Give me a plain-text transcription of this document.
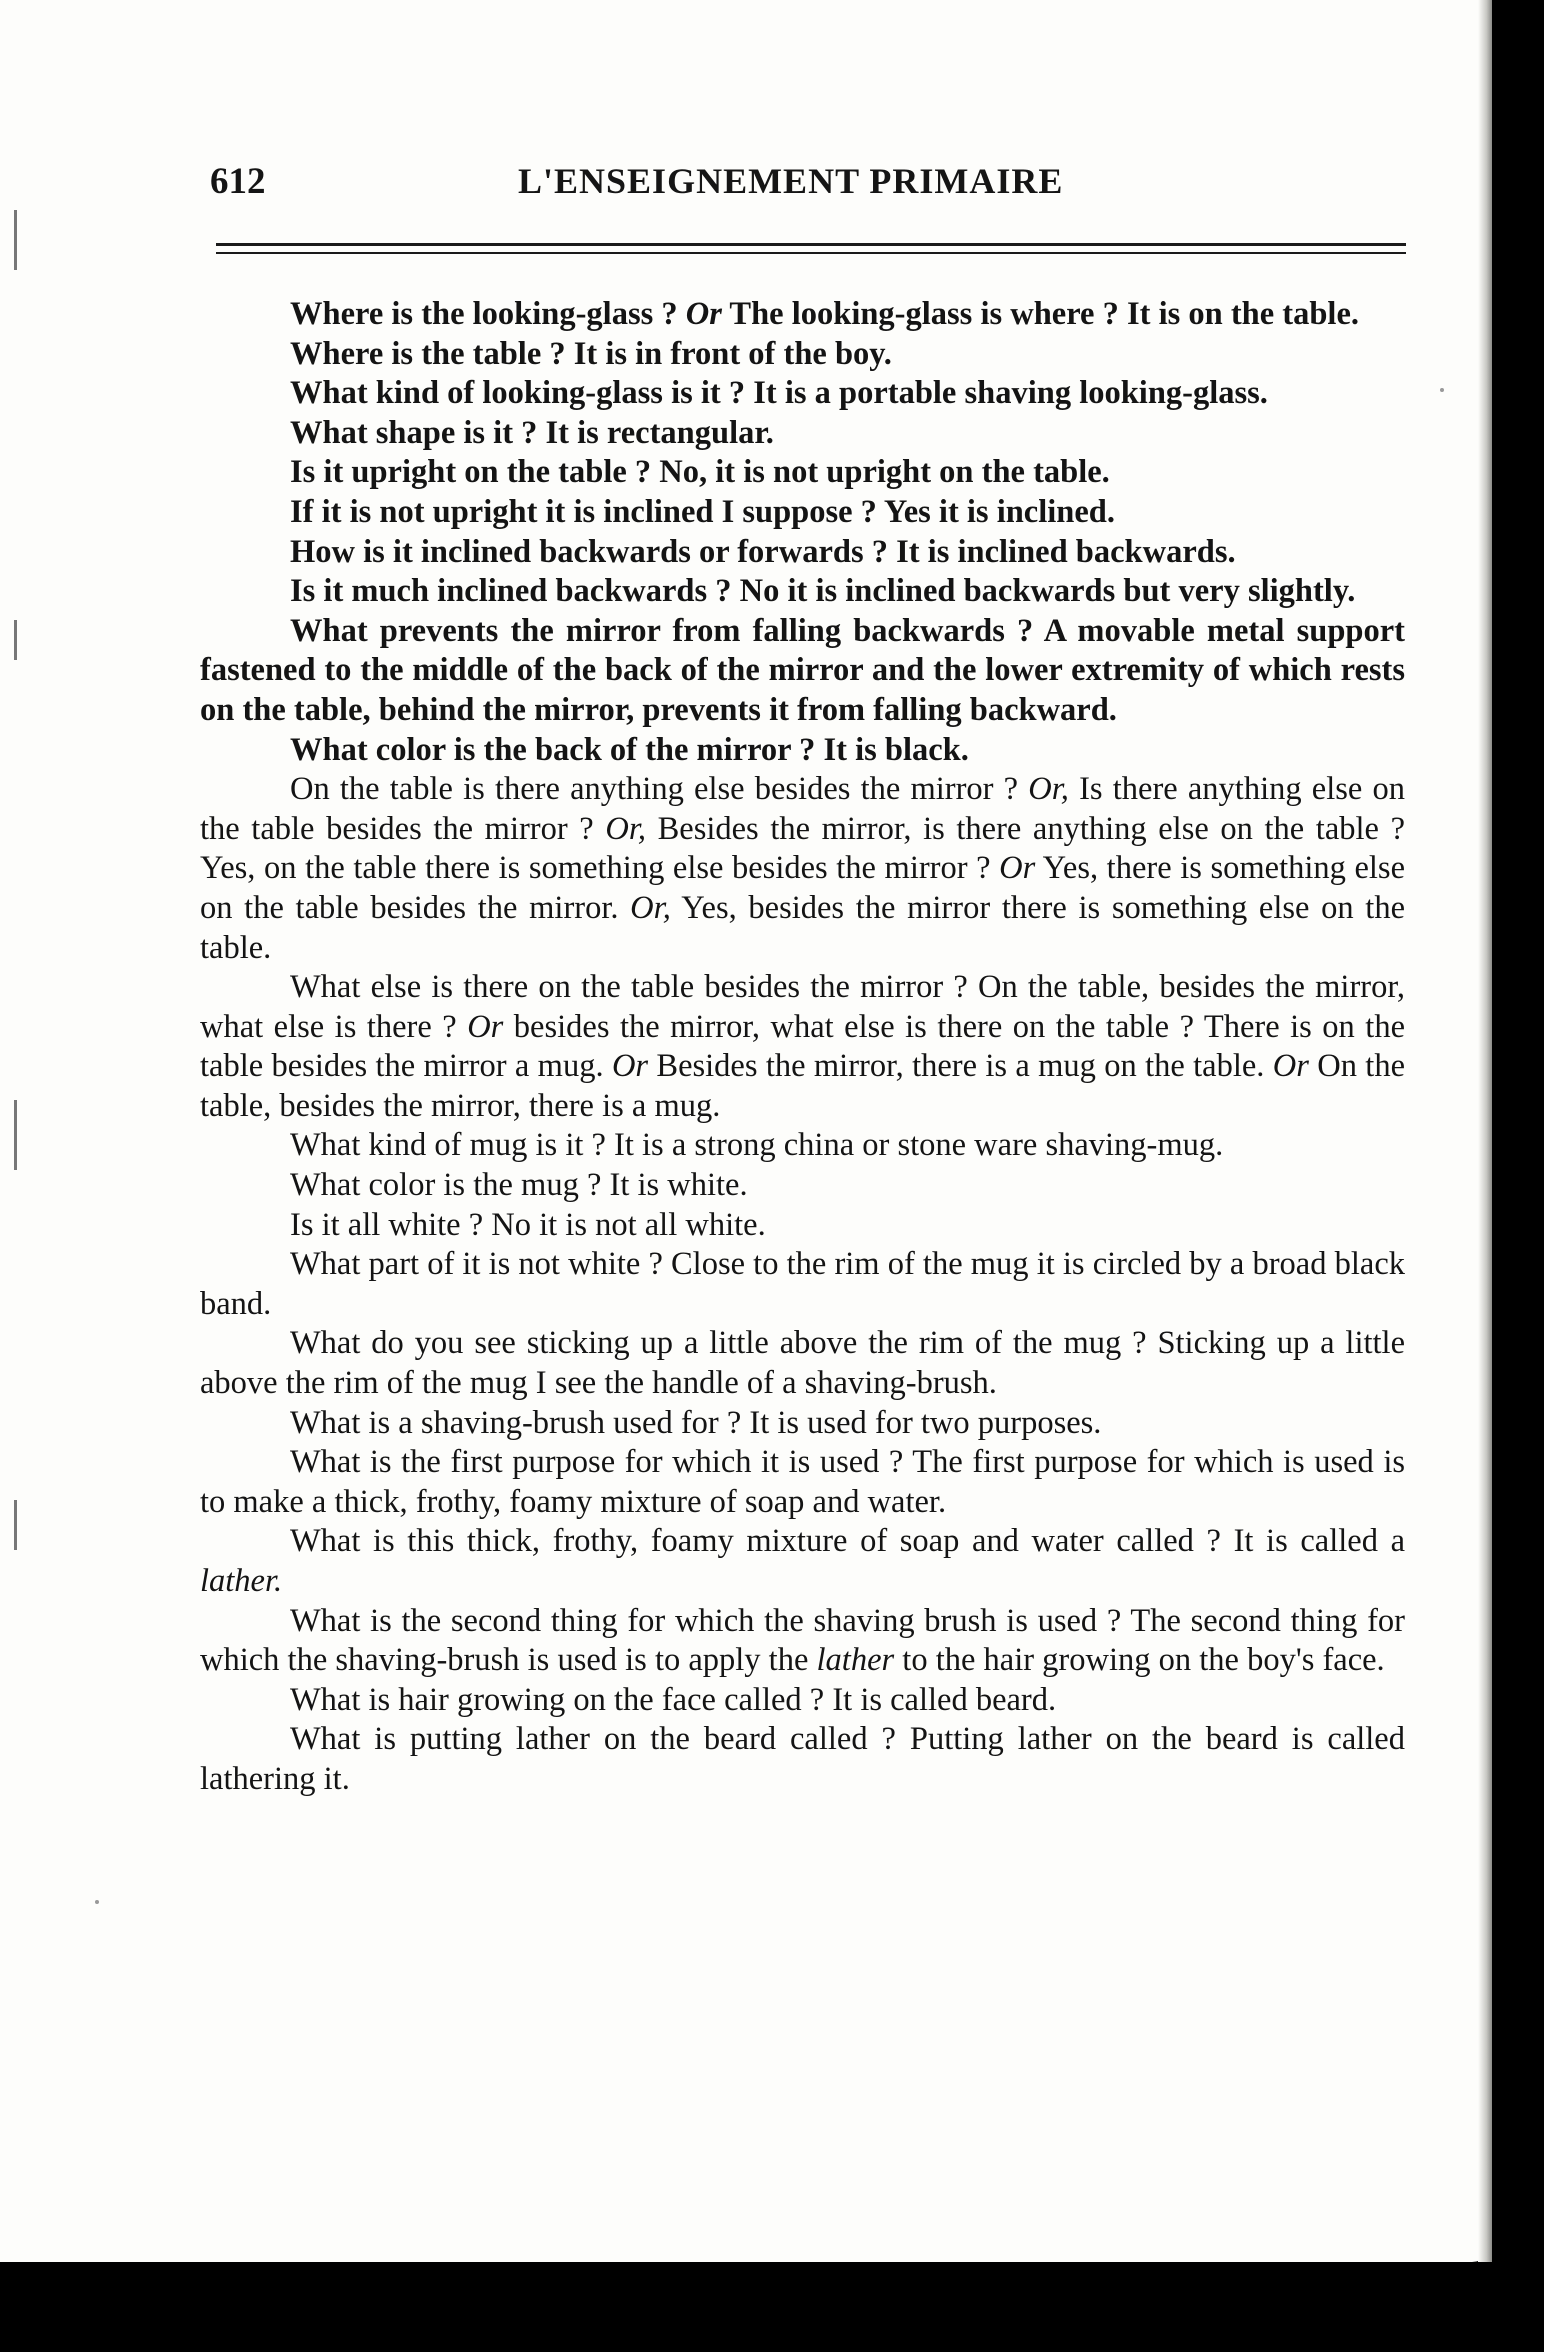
612	L'ENSEIGNEMENT PRIMAIRE

Where is the looking-glass ? Or The looking-glass is where ? It is on the table.

Where is the table ? It is in front of the boy.

What kind of looking-glass is it ? It is a portable shaving looking-glass.

What shape is it ? It is rectangular.

Is it upright on the table ? No, it is not upright on the table.

If it is not upright it is inclined I suppose ? Yes it is inclined.

How is it inclined backwards or forwards ? It is inclined backwards.

Is it much inclined backwards ? No it is inclined backwards but very slightly.

What prevents the mirror from falling backwards ? A movable metal support fastened to the middle of the back of the mirror and the lower extremity of which rests on the table, behind the mirror, prevents it from falling backward.

What color is the back of the mirror ? It is black.

On the table is there anything else besides the mirror ? Or, Is there anything else on the table besides the mirror ? Or, Besides the mirror, is there anything else on the table ? Yes, on the table there is something else besides the mirror ? Or Yes, there is something else on the table besides the mirror. Or, Yes, besides the mirror there is something else on the table.

What else is there on the table besides the mirror ? On the table, besides the mirror, what else is there ? Or besides the mirror, what else is there on the table ? There is on the table besides the mirror a mug. Or Besides the mirror, there is a mug on the table. Or On the table, besides the mirror, there is a mug.

What kind of mug is it ? It is a strong china or stone ware shaving-mug.

What color is the mug ? It is white.

Is it all white ? No it is not all white.

What part of it is not white ? Close to the rim of the mug it is circled by a broad black band.

What do you see sticking up a little above the rim of the mug ? Sticking up a little above the rim of the mug I see the handle of a shaving-brush.

What is a shaving-brush used for ? It is used for two purposes.

What is the first purpose for which it is used ? The first purpose for which is used is to make a thick, frothy, foamy mixture of soap and water.

What is this thick, frothy, foamy mixture of soap and water called ? It is called a lather.

What is the second thing for which the shaving brush is used ? The second thing for which the shaving-brush is used is to apply the lather to the hair growing on the boy's face.

What is hair growing on the face called ? It is called beard.

What is putting lather on the beard called ? Putting lather on the beard is called lathering it.
